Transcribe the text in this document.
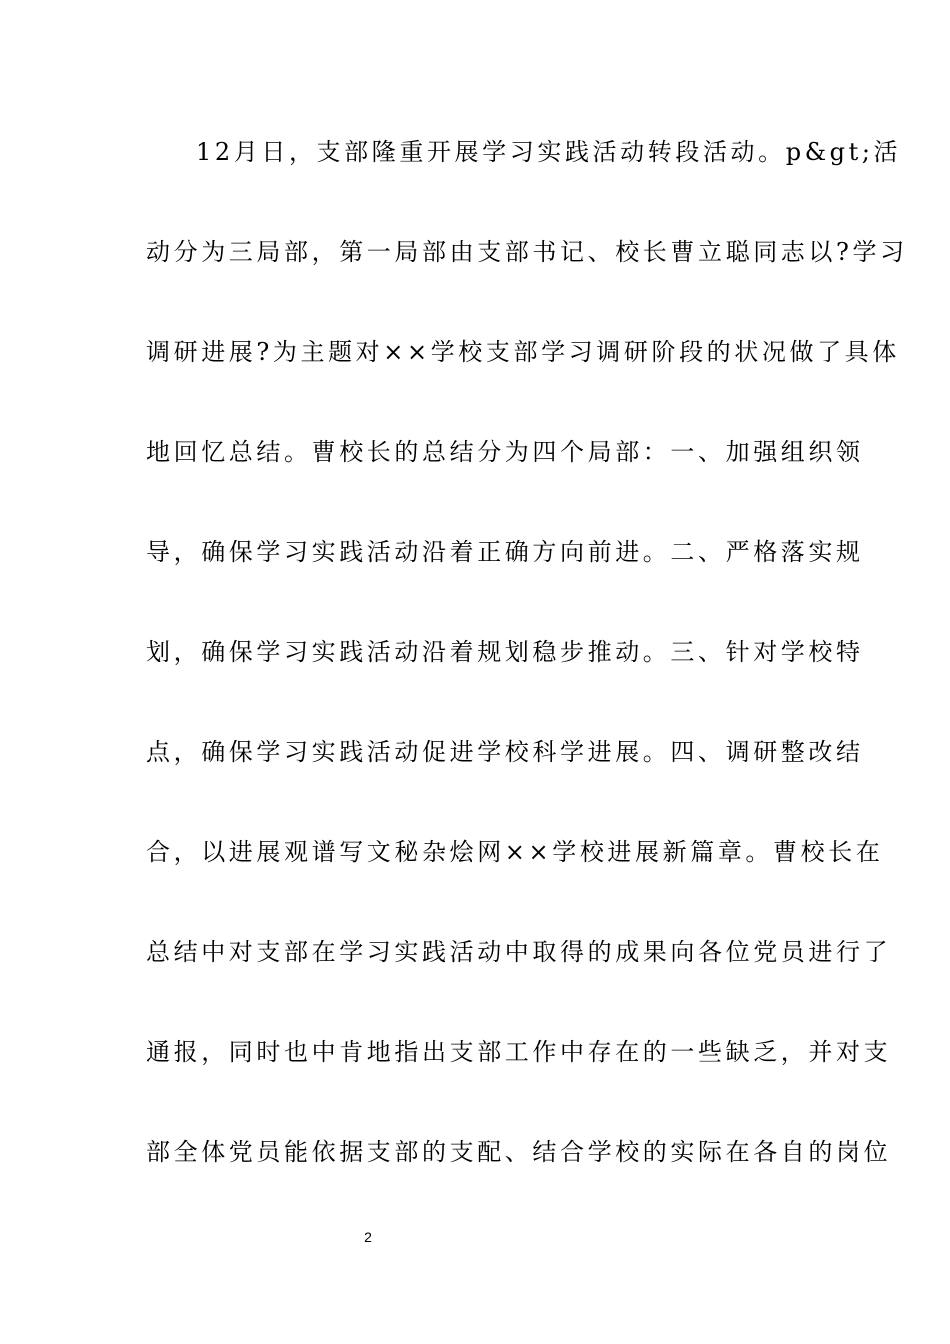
12月日，支部隆重开展学习实践活动转段活动。p&gt;活
动分为三局部，第一局部由支部书记、校长曹立聪同志以?学习
调研进展?为主题对××学校支部学习调研阶段的状况做了具体
地回忆总结。曹校长的总结分为四个局部：一、加强组织领
导，确保学习实践活动沿着正确方向前进。二、严格落实规
划，确保学习实践活动沿着规划稳步推动。三、针对学校特
点，确保学习实践活动促进学校科学进展。四、调研整改结
合，以进展观谱写文秘杂烩网××学校进展新篇章。曹校长在
总结中对支部在学习实践活动中取得的成果向各位党员进行了
通报，同时也中肯地指出支部工作中存在的一些缺乏，并对支
部全体党员能依据支部的支配、结合学校的实际在各自的岗位
2
